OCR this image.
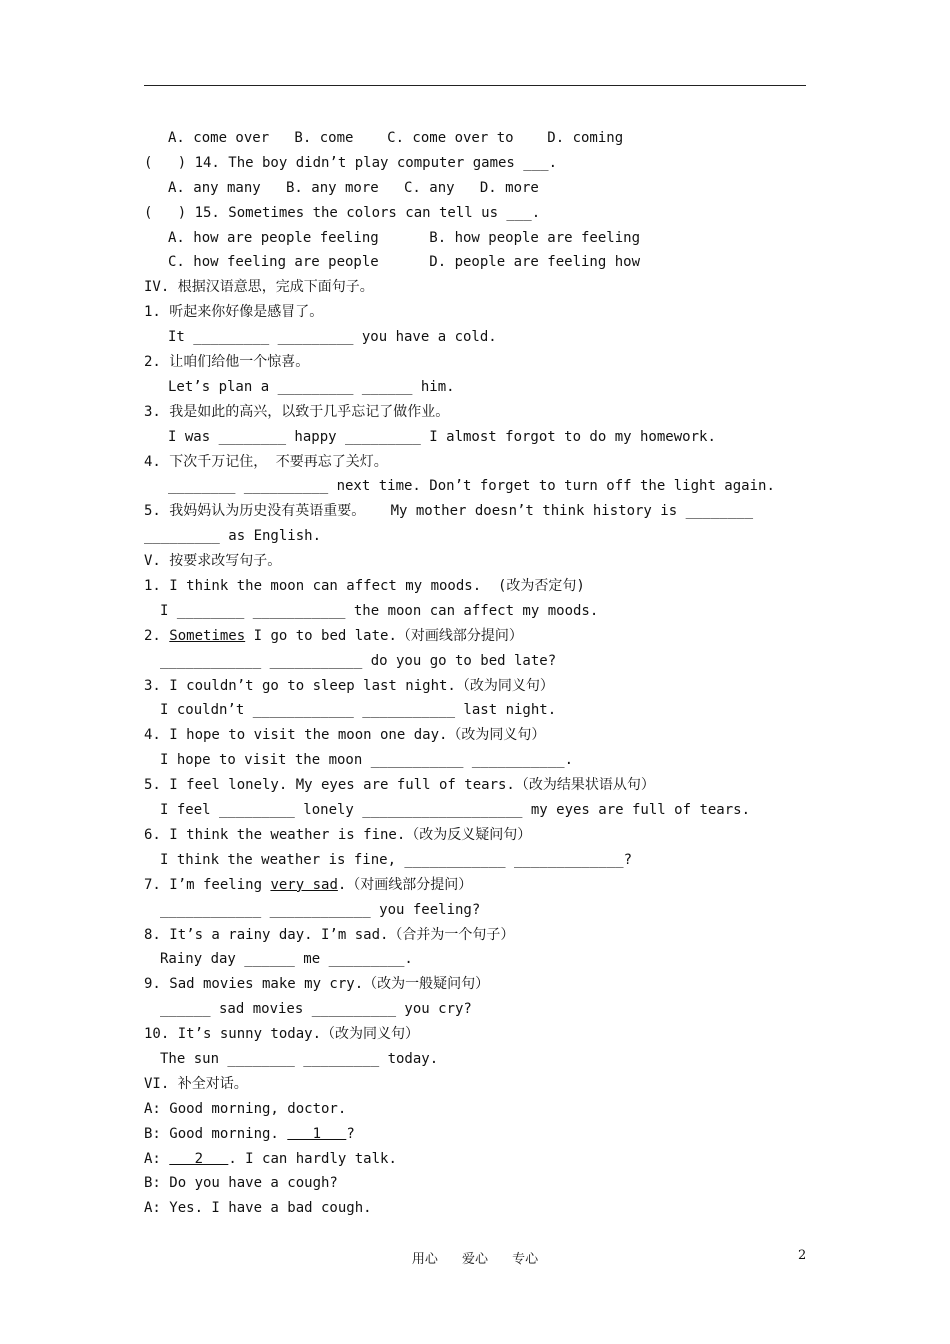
A. come over   B. come    C. come over to    D. coming
(   ) 14. The boy didn’t play computer games ___.
A. any many   B. any more   C. any   D. more
(   ) 15. Sometimes the colors can tell us ___.
A. how are people feeling      B. how people are feeling
C. how feeling are people      D. people are feeling how
IV. 根据汉语意思，完成下面句子。
1. 听起来你好像是感冒了。
It _________ _________ you have a cold.
2. 让咱们给他一个惊喜。
Let’s plan a _________ ______ him.
3. 我是如此的高兴，以致于几乎忘记了做作业。
I was ________ happy _________ I almost forgot to do my homework.
4. 下次千万记住， 不要再忘了关灯。
________ __________ next time. Don’t forget to turn off the light again.
5. 我妈妈认为历史没有英语重要。   My mother doesn’t think history is ________
_________ as English.
V. 按要求改写句子。
1. I think the moon can affect my moods.  (改为否定句)
I ________ ___________ the moon can affect my moods.
2. Sometimes I go to bed late.（对画线部分提问）
____________ ___________ do you go to bed late?
3. I couldn’t go to sleep last night.（改为同义句）
I couldn’t ____________ ___________ last night.
4. I hope to visit the moon one day.（改为同义句）
I hope to visit the moon ___________ ___________.
5. I feel lonely. My eyes are full of tears.（改为结果状语从句）
I feel _________ lonely ___________________ my eyes are full of tears.
6. I think the weather is fine.（改为反义疑问句）
I think the weather is fine, ____________ _____________?
7. I’m feeling very sad.（对画线部分提问）
____________ ____________ you feeling?
8. It’s a rainy day. I’m sad.（合并为一个句子）
Rainy day ______ me _________.
9. Sad movies make my cry.（改为一般疑问句）
______ sad movies __________ you cry?
10. It’s sunny today.（改为同义句）
The sun ________ _________ today.
VI. 补全对话。
A: Good morning, doctor.
B: Good morning.    1   ?
A:    2   . I can hardly talk.
B: Do you have a cough?
A: Yes. I have a bad cough.
用心 爱心 专心	2
